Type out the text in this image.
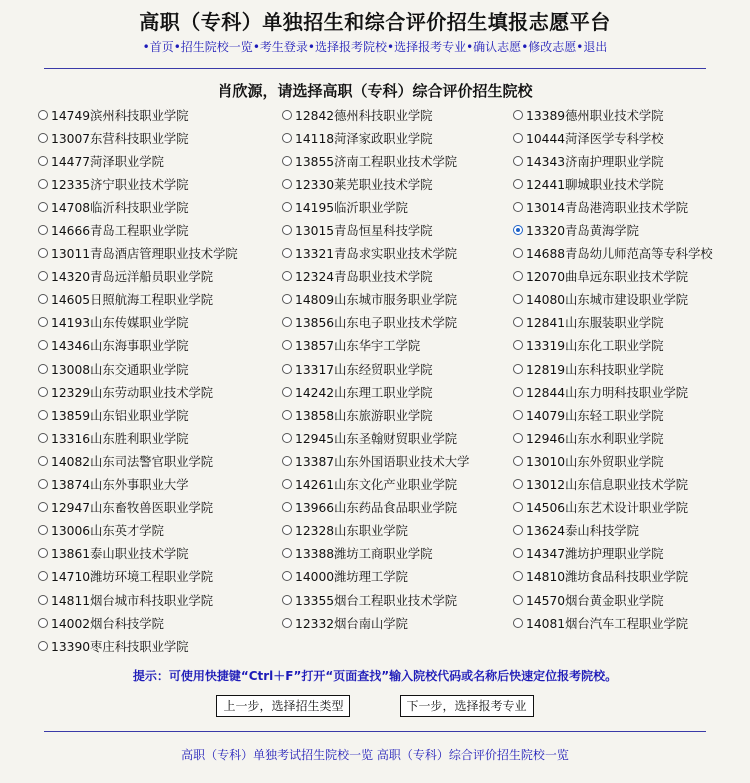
高职（专科）单独招生和综合评价招生填报志愿平台
•首页•招生院校一览•考生登录•选择报考院校•选择报考专业•确认志愿•修改志愿•退出
肖欣源，请选择高职（专科）综合评价招生院校
14749滨州科技职业学院	12842德州科技职业学院	13389德州职业技术学院
13007东营科技职业学院	14118菏泽家政职业学院	10444菏泽医学专科学校
14477菏泽职业学院	13855济南工程职业技术学院	14343济南护理职业学院
12335济宁职业技术学院	12330莱芜职业技术学院	12441聊城职业技术学院
14708临沂科技职业学院	14195临沂职业学院	13014青岛港湾职业技术学院
14666青岛工程职业学院	13015青岛恒星科技学院	13320青岛黄海学院
13011青岛酒店管理职业技术学院	13321青岛求实职业技术学院	14688青岛幼儿师范高等专科学校
14320青岛远洋船员职业学院	12324青岛职业技术学院	12070曲阜远东职业技术学院
14605日照航海工程职业学院	14809山东城市服务职业学院	14080山东城市建设职业学院
14193山东传媒职业学院	13856山东电子职业技术学院	12841山东服装职业学院
14346山东海事职业学院	13857山东华宇工学院	13319山东化工职业学院
13008山东交通职业学院	13317山东经贸职业学院	12819山东科技职业学院
12329山东劳动职业技术学院	14242山东理工职业学院	12844山东力明科技职业学院
13859山东铝业职业学院	13858山东旅游职业学院	14079山东轻工职业学院
13316山东胜利职业学院	12945山东圣翰财贸职业学院	12946山东水利职业学院
14082山东司法警官职业学院	13387山东外国语职业技术大学	13010山东外贸职业学院
13874山东外事职业大学	14261山东文化产业职业学院	13012山东信息职业技术学院
12947山东畜牧兽医职业学院	13966山东药品食品职业学院	14506山东艺术设计职业学院
13006山东英才学院	12328山东职业学院	13624泰山科技学院
13861泰山职业技术学院	13388潍坊工商职业学院	14347潍坊护理职业学院
14710潍坊环境工程职业学院	14000潍坊理工学院	14810潍坊食品科技职业学院
14811烟台城市科技职业学院	13355烟台工程职业技术学院	14570烟台黄金职业学院
14002烟台科技学院	12332烟台南山学院	14081烟台汽车工程职业学院
13390枣庄科技职业学院
提示：可使用快捷键“Ctrl＋F”打开“页面查找”输入院校代码或名称后快速定位报考院校。
上一步，选择招生类型	下一步，选择报考专业
高职（专科）单独考试招生院校一览 高职（专科）综合评价招生院校一览
